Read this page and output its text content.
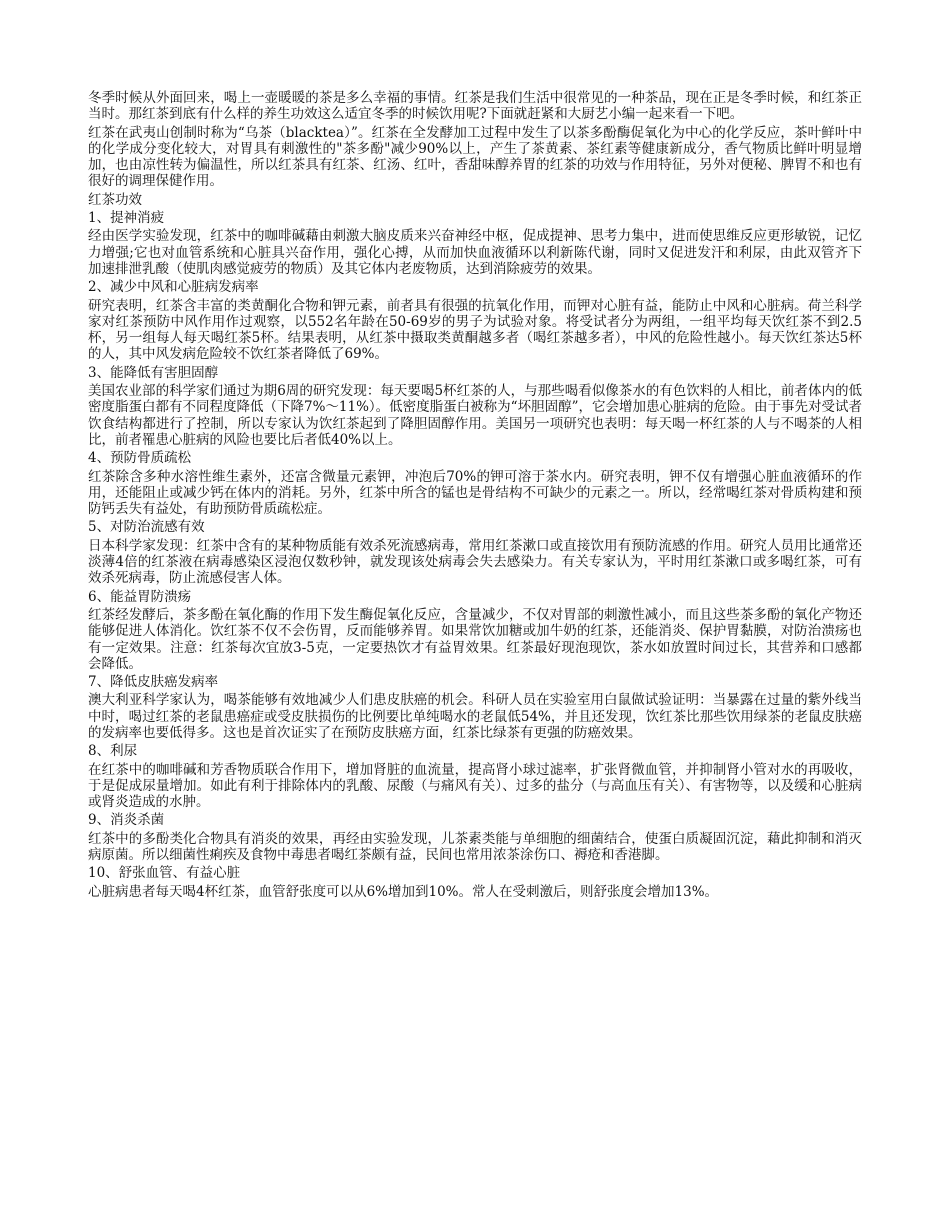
冬季时候从外面回来，喝上一壶暖暖的茶是多么幸福的事情。红茶是我们生活中很常见的一种茶品，现在正是冬季时候，和红茶正当时。那红茶到底有什么样的养生功效这么适宜冬季的时候饮用呢?下面就赶紧和大厨艺小编一起来看一下吧。

红茶在武夷山创制时称为“乌茶（blacktea）”。红茶在全发酵加工过程中发生了以茶多酚酶促氧化为中心的化学反应，茶叶鲜叶中的化学成分变化较大，对胃具有刺激性的"茶多酚"减少90%以上，产生了茶黄素、茶红素等健康新成分，香气物质比鲜叶明显增加，也由凉性转为偏温性，所以红茶具有红茶、红汤、红叶，香甜味醇养胃的红茶的功效与作用特征，另外对便秘、脾胃不和也有很好的调理保健作用。

红茶功效

1、提神消疲

经由医学实验发现，红茶中的咖啡碱藉由刺激大脑皮质来兴奋神经中枢，促成提神、思考力集中，进而使思维反应更形敏锐，记忆力增强;它也对血管系统和心脏具兴奋作用，强化心搏，从而加快血液循环以利新陈代谢，同时又促进发汗和利尿，由此双管齐下加速排泄乳酸（使肌肉感觉疲劳的物质）及其它体内老废物质，达到消除疲劳的效果。

2、减少中风和心脏病发病率

研究表明，红茶含丰富的类黄酮化合物和钾元素，前者具有很强的抗氧化作用，而钾对心脏有益，能防止中风和心脏病。荷兰科学家对红茶预防中风作用作过观察，以552名年龄在50-69岁的男子为试验对象。将受试者分为两组，一组平均每天饮红茶不到2.5杯，另一组每人每天喝红茶5杯。结果表明，从红茶中摄取类黄酮越多者（喝红茶越多者），中风的危险性越小。每天饮红茶达5杯的人，其中风发病危险较不饮红茶者降低了69%。

3、能降低有害胆固醇

美国农业部的科学家们通过为期6周的研究发现：每天要喝5杯红茶的人，与那些喝看似像茶水的有色饮料的人相比，前者体内的低密度脂蛋白都有不同程度降低（下降7%～11%）。低密度脂蛋白被称为“坏胆固醇”，它会增加患心脏病的危险。由于事先对受试者饮食结构都进行了控制，所以专家认为饮红茶起到了降胆固醇作用。美国另一项研究也表明：每天喝一杯红茶的人与不喝茶的人相比，前者罹患心脏病的风险也要比后者低40%以上。

4、预防骨质疏松

红茶除含多种水溶性维生素外，还富含微量元素钾，冲泡后70%的钾可溶于茶水内。研究表明，钾不仅有增强心脏血液循环的作用，还能阻止或减少钙在体内的消耗。另外，红茶中所含的锰也是骨结构不可缺少的元素之一。所以，经常喝红茶对骨质构建和预防钙丢失有益处，有助预防骨质疏松症。

5、对防治流感有效

日本科学家发现：红茶中含有的某种物质能有效杀死流感病毒，常用红茶漱口或直接饮用有预防流感的作用。研究人员用比通常还淡薄4倍的红茶液在病毒感染区浸泡仅数秒钟，就发现该处病毒会失去感染力。有关专家认为，平时用红茶漱口或多喝红茶，可有效杀死病毒，防止流感侵害人体。

6、能益胃防溃疡

红茶经发酵后，茶多酚在氧化酶的作用下发生酶促氧化反应，含量减少，不仅对胃部的刺激性减小，而且这些茶多酚的氧化产物还能够促进人体消化。饮红茶不仅不会伤胃，反而能够养胃。如果常饮加糖或加牛奶的红茶，还能消炎、保护胃黏膜，对防治溃疡也有一定效果。注意：红茶每次宜放3-5克，一定要热饮才有益胃效果。红茶最好现泡现饮，茶水如放置时间过长，其营养和口感都会降低。

7、降低皮肤癌发病率

澳大利亚科学家认为，喝茶能够有效地减少人们患皮肤癌的机会。科研人员在实验室用白鼠做试验证明：当暴露在过量的紫外线当中时，喝过红茶的老鼠患癌症或受皮肤损伤的比例要比单纯喝水的老鼠低54%，并且还发现，饮红茶比那些饮用绿茶的老鼠皮肤癌的发病率也要低得多。这也是首次证实了在预防皮肤癌方面，红茶比绿茶有更强的防癌效果。

8、利尿

在红茶中的咖啡碱和芳香物质联合作用下，增加肾脏的血流量，提高肾小球过滤率，扩张肾微血管，并抑制肾小管对水的再吸收，于是促成尿量增加。如此有利于排除体内的乳酸、尿酸（与痛风有关）、过多的盐分（与高血压有关）、有害物等，以及缓和心脏病或肾炎造成的水肿。

9、消炎杀菌

红茶中的多酚类化合物具有消炎的效果，再经由实验发现，儿茶素类能与单细胞的细菌结合，使蛋白质凝固沉淀，藉此抑制和消灭病原菌。所以细菌性痢疾及食物中毒患者喝红茶颇有益，民间也常用浓茶涂伤口、褥疮和香港脚。

10、舒张血管、有益心脏

心脏病患者每天喝4杯红茶，血管舒张度可以从6%增加到10%。常人在受刺激后，则舒张度会增加13%。
